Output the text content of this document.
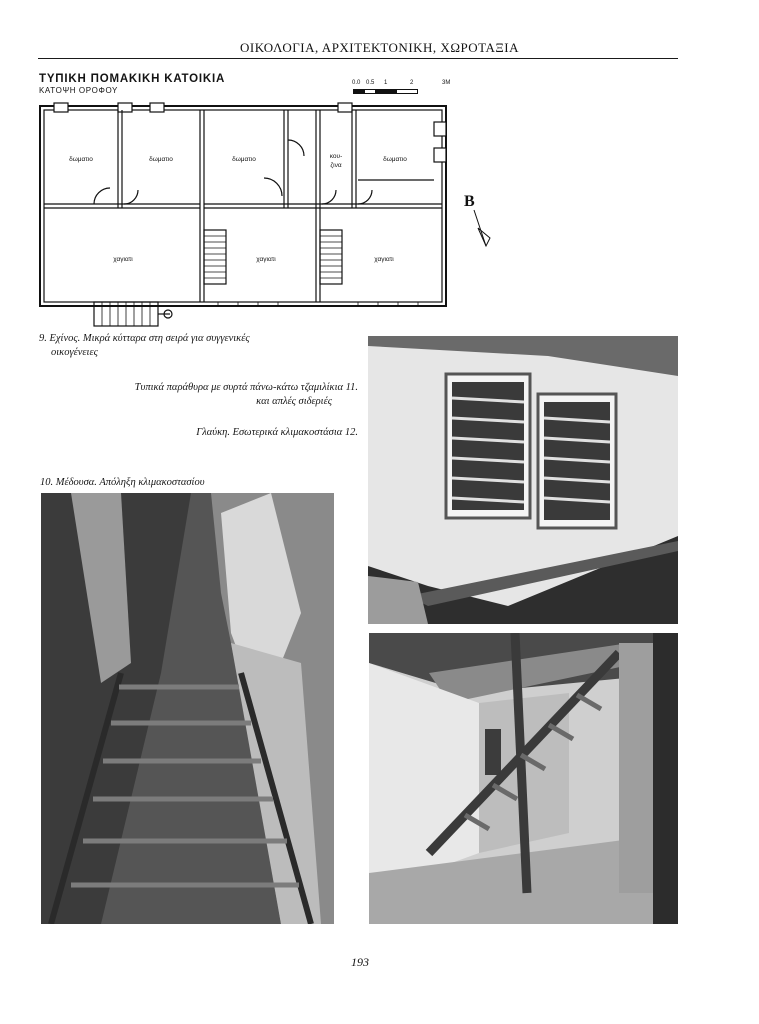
ΟΙΚΟΛΟΓΙΑ, ΑΡΧΙΤΕΚΤΟΝΙΚΗ, ΧΩΡΟΤΑΞΙΑ
ΤΥΠΙΚΗ ΠΟΜΑΚΙΚΗ ΚΑΤΟΙΚΙΑ
ΚΑΤΟΨΗ ΟΡΟΦΟΥ
0.0 0.5 1	2	3M
δωματιο	δωματιο	δωματιο	κου-
ζινα
δωματιο
χαγιατι	χαγιατι	χαγιατι
Β
9. Εχίνος. Μικρά κύτταρα στη σειρά για συγγενικές
οικογένειες
Τυπικά παράθυρα με συρτά πάνω-κάτω τζαμιλίκια 11.
και απλές σιδεριές
Γλαύκη. Εσωτερικά κλιμακοστάσια 12.
10. Μέδουσα. Απόληξη κλιμακοστασίου
193
